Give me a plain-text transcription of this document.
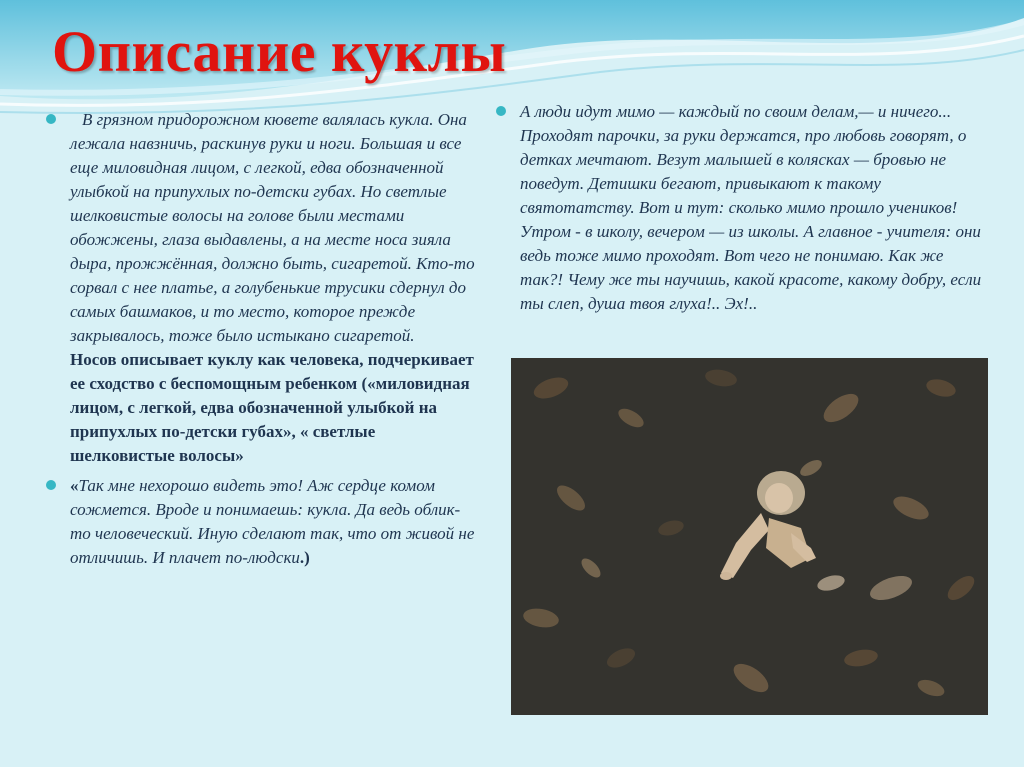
Описание куклы

В грязном придорожном кювете валялась кукла. Она лежала навзничь, раскинув руки и ноги. Большая и все еще миловидная лицом, с легкой, едва обозначенной улыбкой на припухлых по-детски губах. Но светлые шелковистые волосы на голове были местами обожжены, глаза выдавлены, а на месте носа зияла дыра, прожжённая, должно быть, сигаретой. Кто-то сорвал с нее платье, а голубенькие трусики сдернул до самых башмаков, и то место, которое прежде закрывалось, тоже было истыкано сигаретой.

Носов описывает куклу как человека, подчеркивает ее сходство с беспомощным ребенком («миловидная лицом, с легкой, едва обозначенной улыбкой на припухлых по-детски губах», « светлые шелковистые волосы»

«Так мне нехорошо видеть это! Аж сердце комом сожмется. Вроде и понимаешь: кукла. Да ведь облик-то человеческий. Иную сделают так, что от живой не отличишь. И плачет по-людски.)

А люди идут мимо — каждый по своим делам,— и ничего... Проходят парочки, за руки держатся, про любовь говорят, о детках мечтают. Везут малышей в колясках — бровью не поведут. Детишки бегают, привыкают к такому святотатству. Вот и тут: сколько мимо прошло учеников! Утром - в школу, вечером — из школы. А главное - учителя: они ведь тоже мимо проходят. Вот чего не понимаю. Как же так?! Чему же ты научишь, какой красоте, какому добру, если ты слеп, душа твоя глуха!.. Эх!..
